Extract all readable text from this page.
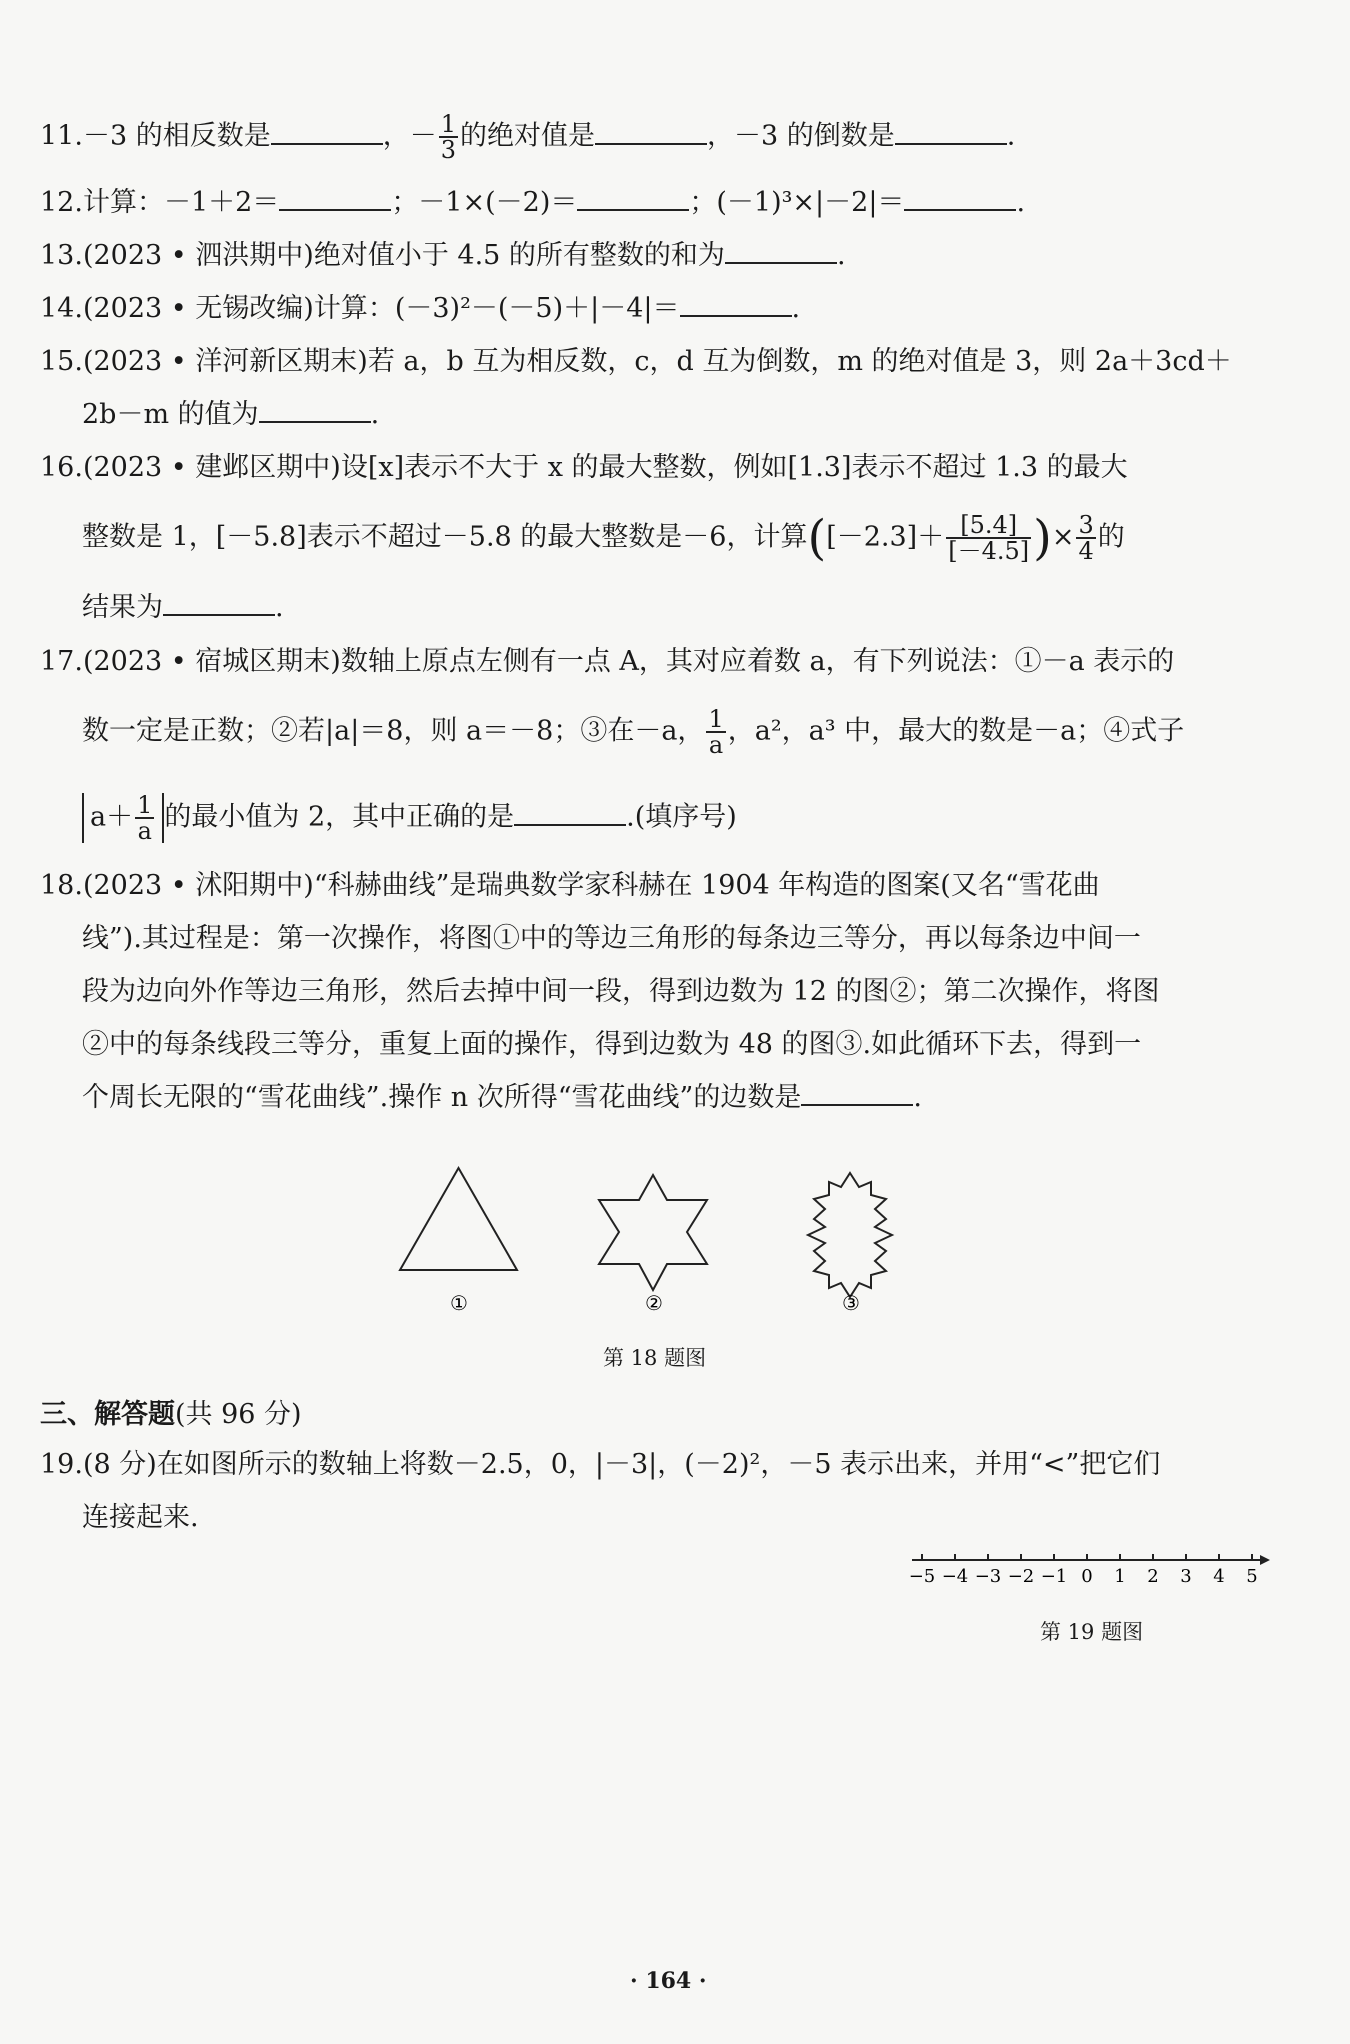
11.－3 的相反数是	，－ $\frac{1}{3}$ 的绝对值是	，－3 的倒数是	.
12.计算：－1＋2＝	；－1×(－2)＝	；(－1)³×|－2|＝	.
13.(2023 • 泗洪期中)绝对值小于 4.5 的所有整数的和为	.
14.(2023 • 无锡改编)计算：(－3)²－(－5)＋|－4|＝	.
15.(2023 • 洋河新区期末)若 a，b 互为相反数，c，d 互为倒数，m 的绝对值是 3，则 2a＋3cd＋
2b－m 的值为	.
16.(2023 • 建邺区期中)设[x]表示不大于 x 的最大整数，例如[1.3]表示不超过 1.3 的最大
整数是 1，[－5.8]表示不超过－5.8 的最大整数是－6，计算($[-2.3]+ \frac{[5.4]}{[-4.5]}$ )× $\frac{3}{4}$ 的
结果为	.
17.(2023 • 宿城区期末)数轴上原点左侧有一点 A，其对应着数 a，有下列说法：①－a 表示的
数一定是正数；②若|a|＝8，则 a＝－8；③在－a， $\frac{1}{a}$ ，a²，a³ 中，最大的数是－a；④式子
$a+ \frac{1}{a}$ 的最小值为 2，其中正确的是	.(填序号)
18.(2023 • 沭阳期中)“科赫曲线”是瑞典数学家科赫在 1904 年构造的图案(又名“雪花曲
线”).其过程是：第一次操作，将图①中的等边三角形的每条边三等分，再以每条边中间一
段为边向外作等边三角形，然后去掉中间一段，得到边数为 12 的图②；第二次操作，将图
②中的每条线段三等分，重复上面的操作，得到边数为 48 的图③.如此循环下去，得到一
个周长无限的“雪花曲线”.操作 n 次所得“雪花曲线”的边数是	.
①	②	③
第 18 题图
三、解答题(共 96 分)
19.(8 分)在如图所示的数轴上将数－2.5，0，|－3|，(－2)²，－5 表示出来，并用“<”把它们
连接起来.
−5 −4 −3 −2 −1 0 1 2 3 4 5
第 19 题图
· 164 ·
